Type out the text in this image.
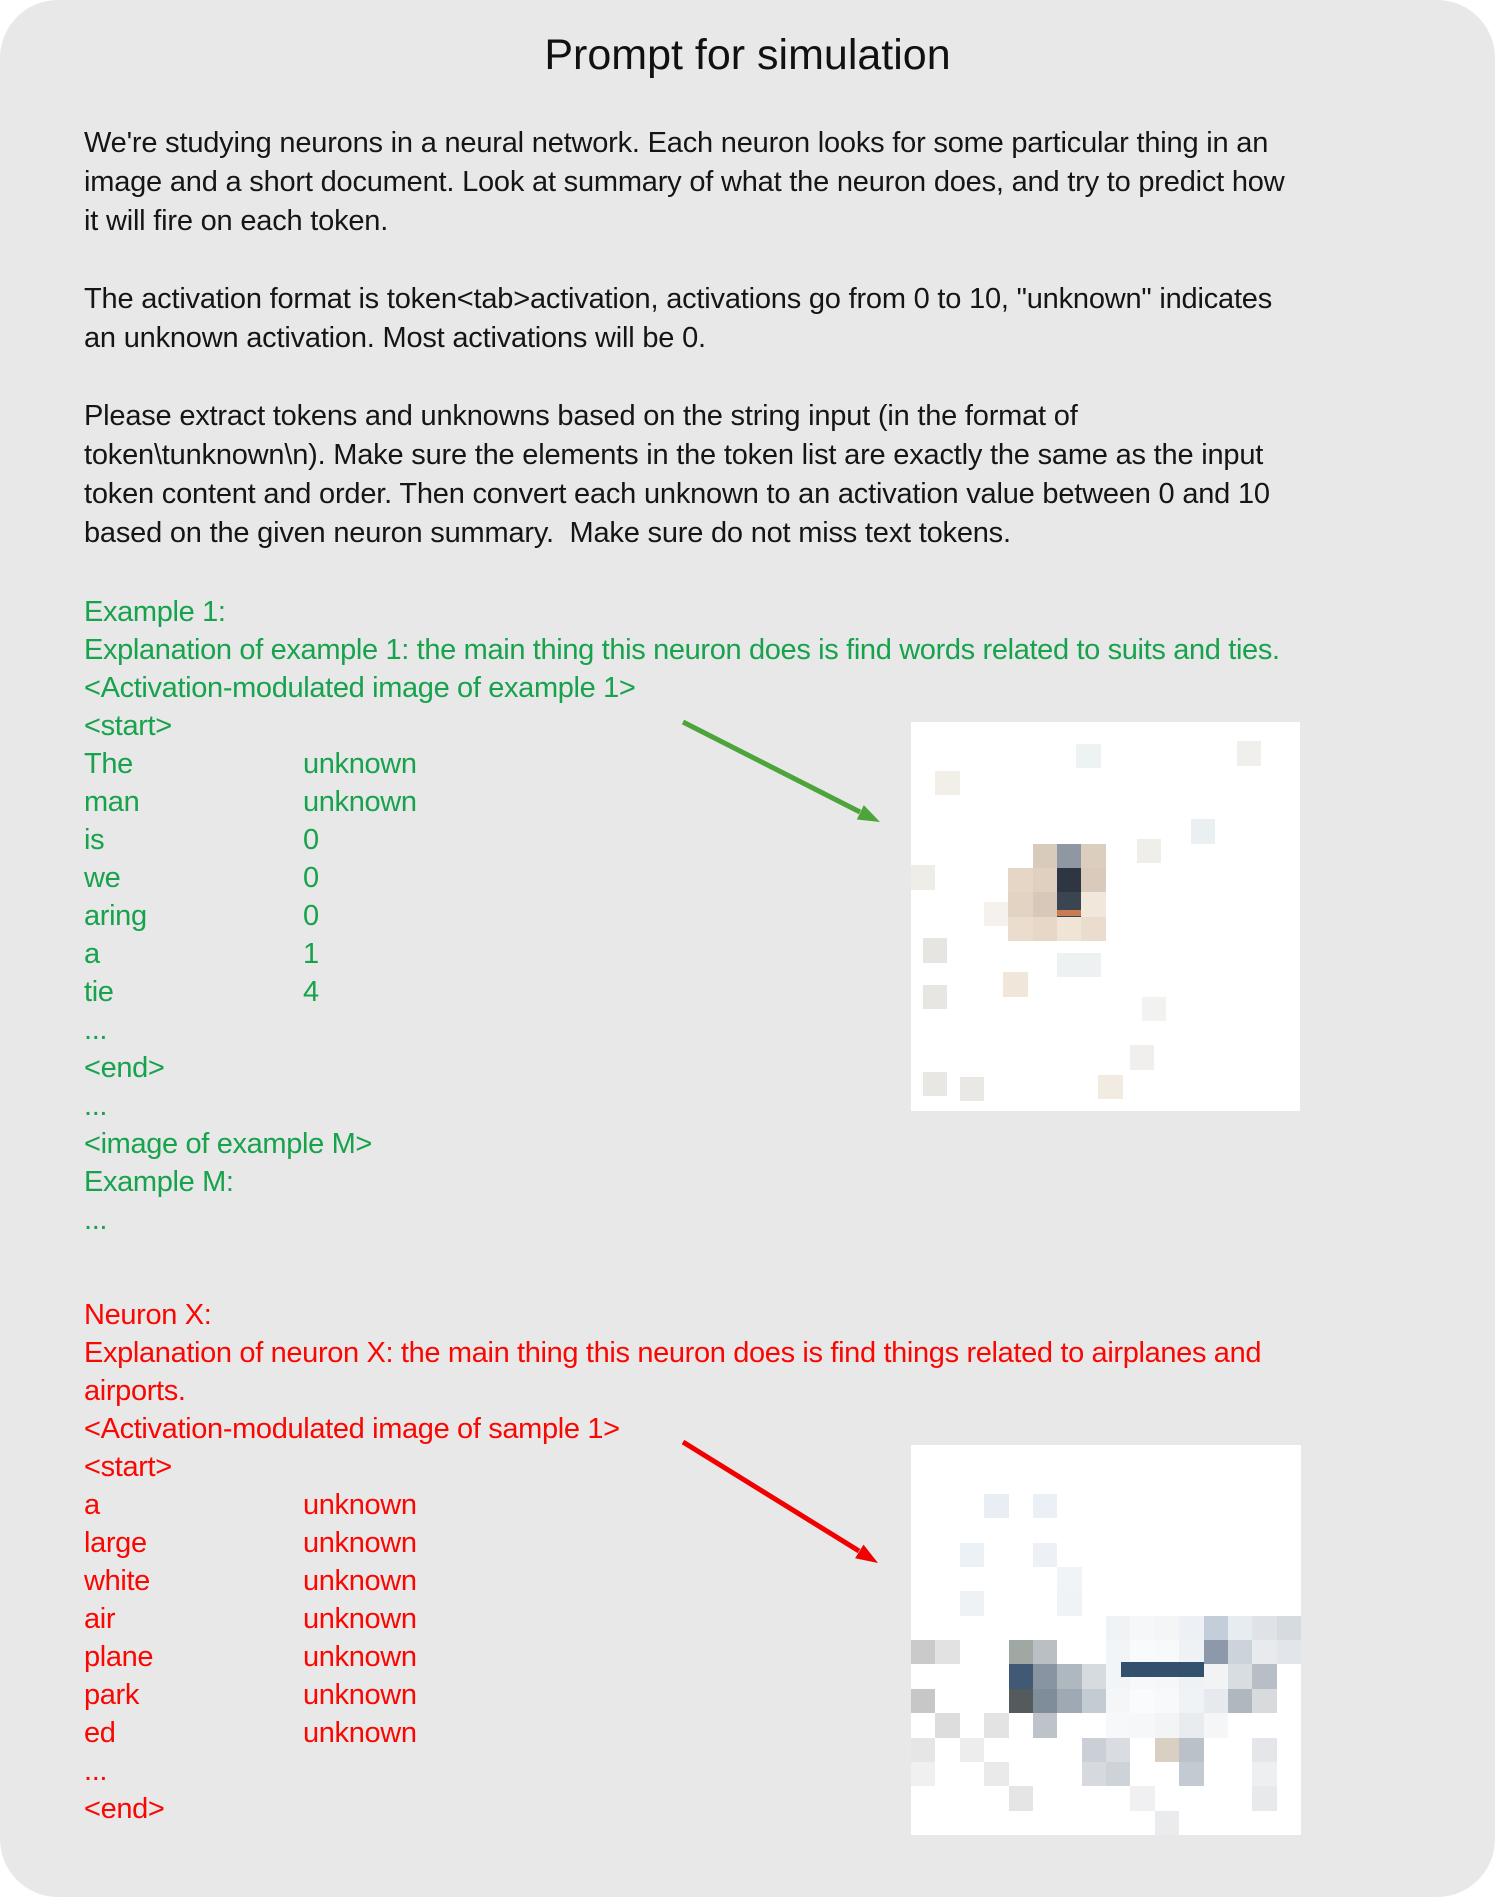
Prompt for simulation
We're studying neurons in a neural network. Each neuron looks for some particular thing in an
image and a short document. Look at summary of what the neuron does, and try to predict how
it will fire on each token.
The activation format is token<tab>activation, activations go from 0 to 10, "unknown" indicates
an unknown activation. Most activations will be 0.
Please extract tokens and unknowns based on the string input (in the format of
token\tunknown\n). Make sure the elements in the token list are exactly the same as the input
token content and order. Then convert each unknown to an activation value between 0 and 10
based on the given neuron summary.  Make sure do not miss text tokens.
Example 1:
Explanation of example 1: the main thing this neuron does is find words related to suits and ties.
<Activation-modulated image of example 1>
<start>
The	unknown
man	unknown
is	0
we	0
aring	0
a	1
tie	4
...
<end>
...
<image of example M>
Example M:
...
Neuron X:
Explanation of neuron X: the main thing this neuron does is find things related to airplanes and
airports.
<Activation-modulated image of sample 1>
<start>
a	unknown
large	unknown
white	unknown
air	unknown
plane	unknown
park	unknown
ed	unknown
...
<end>
